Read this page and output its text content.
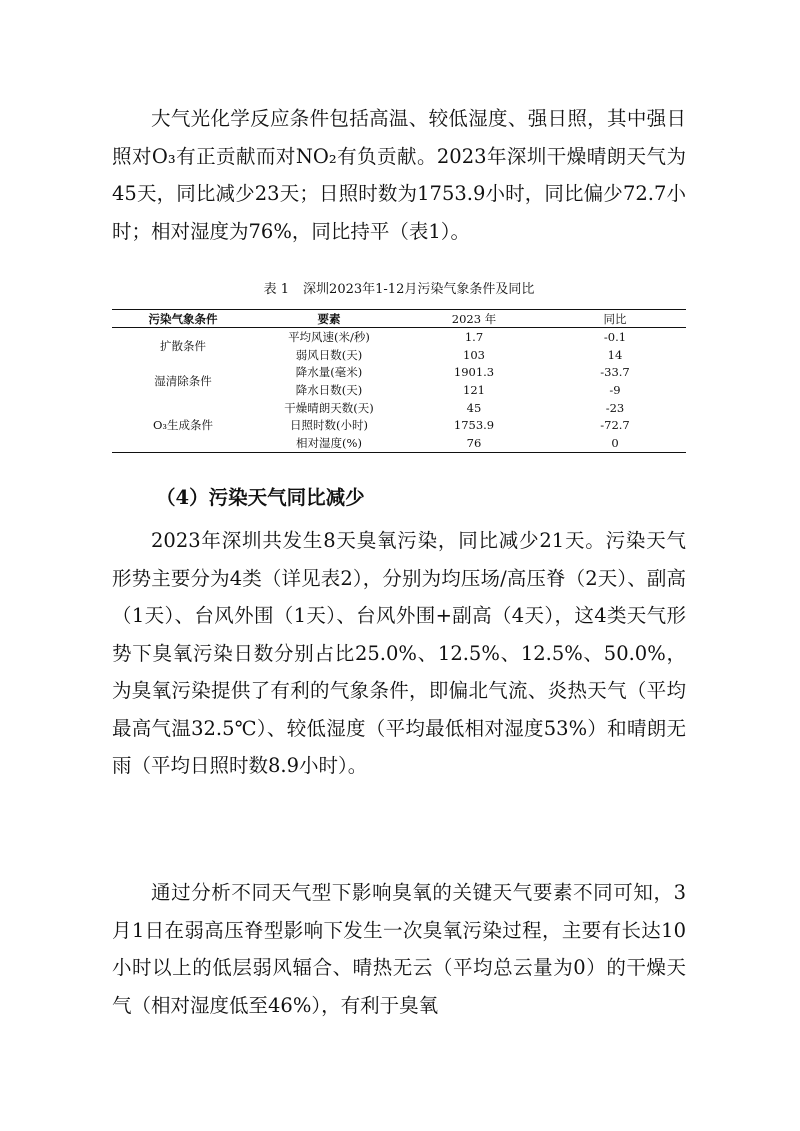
大气光化学反应条件包括高温、较低湿度、强日照，其中强日照对O₃有正贡献而对NO₂有负贡献。2023年深圳干燥晴朗天气为45天，同比减少23天；日照时数为1753.9小时，同比偏少72.7小时；相对湿度为76%，同比持平（表1）。

表 1 深圳2023年1-12月污染气象条件及同比
污染气象条件	要素	2023 年	同比
扩散条件	平均风速(米/秒)	1.7	-0.1
	弱风日数(天)	103	14
湿清除条件	降水量(毫米)	1901.3	-33.7
	降水日数(天)	121	-9
O₃生成条件	干燥晴朗天数(天)	45	-23
	日照时数(小时)	1753.9	-72.7
	相对湿度(%)	76	0
（4）污染天气同比减少

2023年深圳共发生8天臭氧污染，同比减少21天。污染天气形势主要分为4类（详见表2），分别为均压场/高压脊（2天）、副高（1天）、台风外围（1天）、台风外围+副高（4天），这4类天气形势下臭氧污染日数分别占比25.0%、12.5%、12.5%、50.0%，为臭氧污染提供了有利的气象条件，即偏北气流、炎热天气（平均最高气温32.5℃）、较低湿度（平均最低相对湿度53%）和晴朗无雨（平均日照时数8.9小时）。

通过分析不同天气型下影响臭氧的关键天气要素不同可知，3月1日在弱高压脊型影响下发生一次臭氧污染过程，主要有长达10小时以上的低层弱风辐合、晴热无云（平均总云量为0）的干燥天气（相对湿度低至46%），有利于臭氧
